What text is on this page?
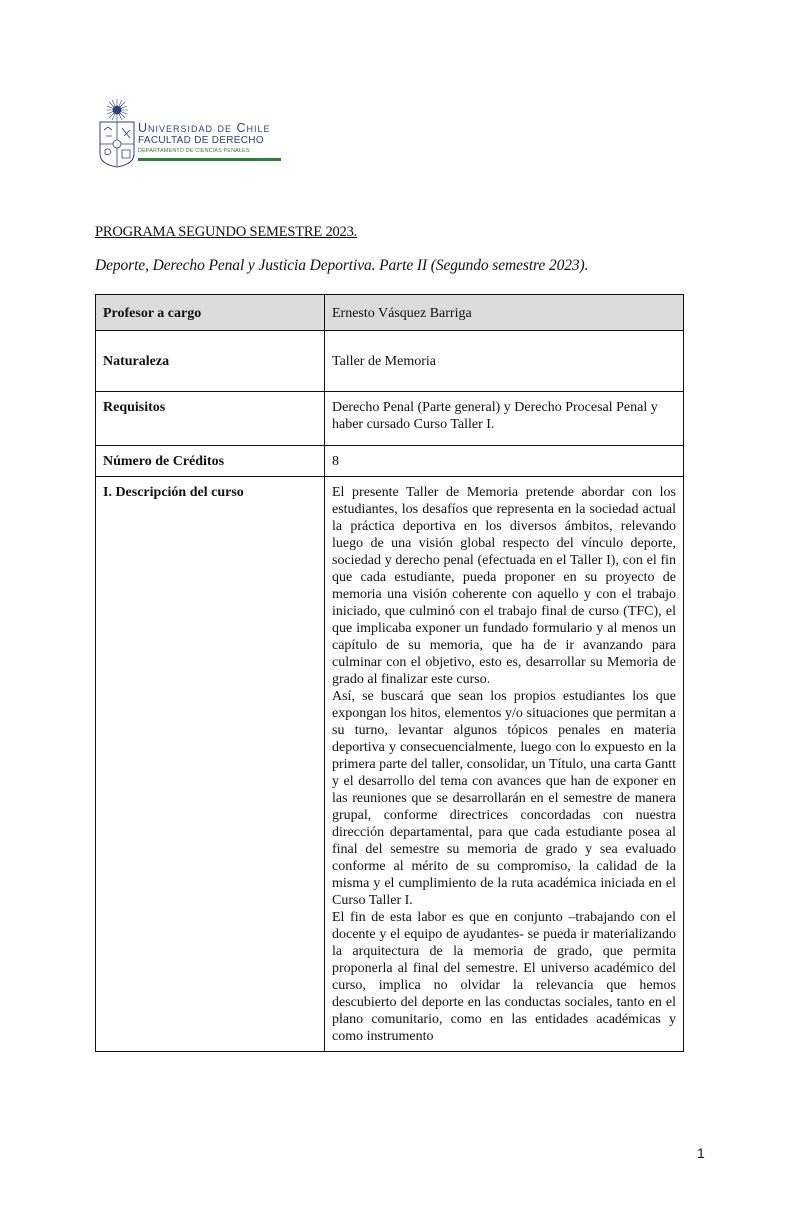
Universidad de Chile
FACULTAD DE DERECHO
DEPARTAMENTO DE CIENCIAS PENALES
PROGRAMA SEGUNDO SEMESTRE 2023.
Deporte, Derecho Penal y Justicia Deportiva. Parte II (Segundo semestre 2023).
Profesor a cargo	Ernesto Vásquez Barriga
Naturaleza	Taller de Memoria
Requisitos	Derecho Penal (Parte general) y Derecho Procesal Penal y haber cursado Curso Taller I.
Número de Créditos	8
I. Descripción del curso	El presente Taller de Memoria pretende abordar con los estudiantes, los desafíos que representa en la sociedad actual la práctica deportiva en los diversos ámbitos, relevando luego de una visión global respecto del vínculo deporte, sociedad y derecho penal (efectuada en el Taller I), con el fin que cada estudiante, pueda proponer en su proyecto de memoria una visión coherente con aquello y con el trabajo iniciado, que culminó con el trabajo final de curso (TFC), el que implicaba exponer un fundado formulario y al menos un capítulo de su memoria, que ha de ir avanzando para culminar con el objetivo, esto es, desarrollar su Memoria de grado al finalizar este curso.

Así, se buscará que sean los propios estudiantes los que expongan los hitos, elementos y/o situaciones que permitan a su turno, levantar algunos tópicos penales en materia deportiva y consecuencialmente, luego con lo expuesto en la primera parte del taller, consolidar, un Título, una carta Gantt y el desarrollo del tema con avances que han de exponer en las reuniones que se desarrollarán en el semestre de manera grupal, conforme directrices concordadas con nuestra dirección departamental, para que cada estudiante posea al final del semestre su memoria de grado y sea evaluado conforme al mérito de su compromiso, la calidad de la misma y el cumplimiento de la ruta académica iniciada en el Curso Taller I.

El fin de esta labor es que en conjunto –trabajando con el docente y el equipo de ayudantes- se pueda ir materializando la arquitectura de la memoria de grado, que permita proponerla al final del semestre. El universo académico del curso, implica no olvidar la relevancia que hemos descubierto del deporte en las conductas sociales, tanto en el plano comunitario, como en las entidades académicas y como instrumento

1
